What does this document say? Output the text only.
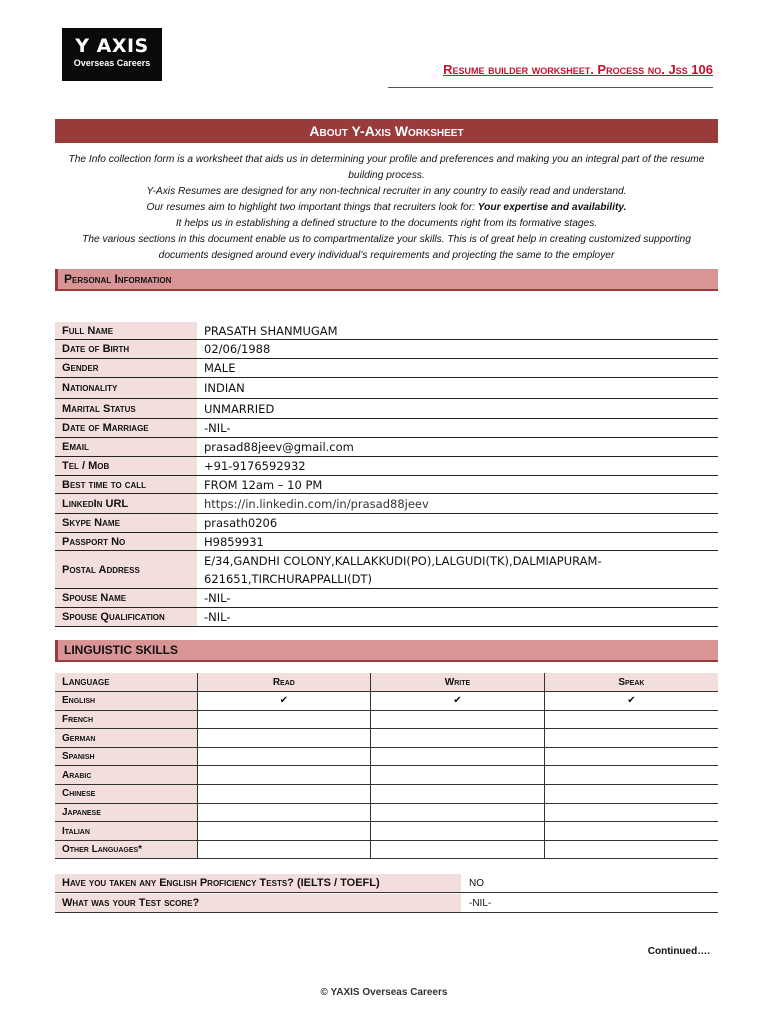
Y AXIS
Overseas Careers	Resume builder worksheet. Process no. Jss 106
About Y-Axis Worksheet
The Info collection form is a worksheet that aids us in determining your profile and preferences and making you an integral part of the resume building process.
Y-Axis Resumes are designed for any non-technical recruiter in any country to easily read and understand.
Our resumes aim to highlight two important things that recruiters look for: Your expertise and availability.
It helps us in establishing a defined structure to the documents right from its formative stages.
The various sections in this document enable us to compartmentalize your skills. This is of great help in creating customized supporting documents designed around every individual’s requirements and projecting the same to the employer
Personal Information
Full Name	PRASATH SHANMUGAM
Date of Birth	02/06/1988
Gender	MALE
Nationality	INDIAN
Marital Status	UNMARRIED
Date of Marriage	-NIL-
Email	prasad88jeev@gmail.com
Tel / Mob	+91-9176592932
Best time to call	FROM 12am – 10 PM
LinkedIn URL	https://in.linkedin.com/in/prasad88jeev
Skype Name	prasath0206
Passport No	H9859931
Postal Address
E/34,GANDHI COLONY,KALLAKKUDI(PO),LALGUDI(TK),DALMIAPURAM-621651,TIRCHURAPPALLI(DT)
Spouse Name	-NIL-
Spouse Qualification	-NIL-
LINGUISTIC SKILLS
Language	Read	Write	Speak
English	✔	✔	✔
French			
German			
Spanish			
Arabic			
Chinese			
Japanese			
Italian			
Other Languages*			
Have you taken any English Proficiency Tests? (IELTS / TOEFL)	NO
What was your Test score?	-NIL-
Continued….
© YAXIS Overseas Careers
